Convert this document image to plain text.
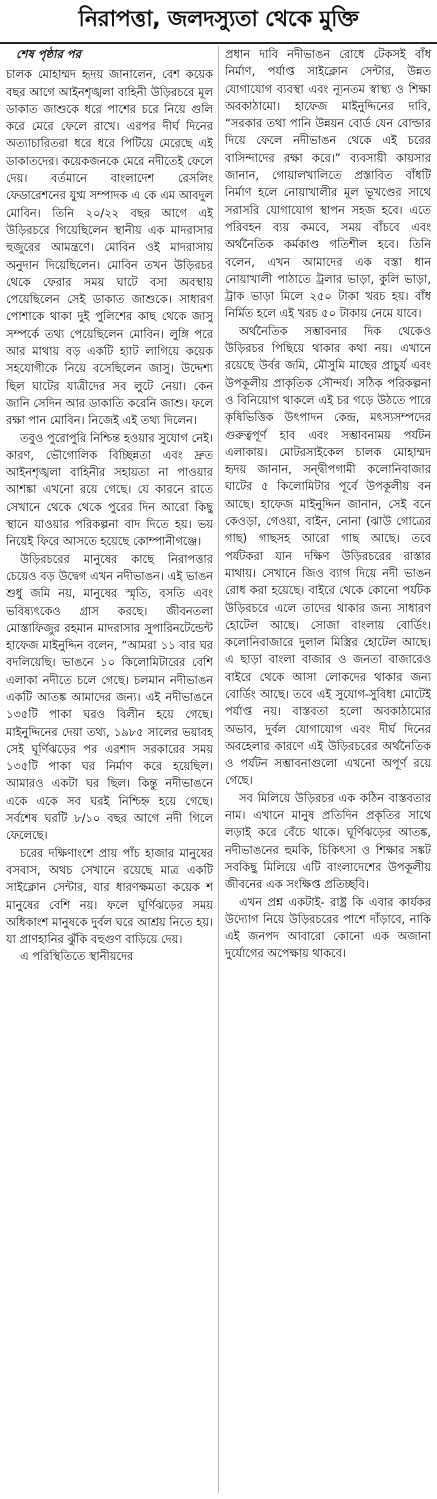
নিরাপত্তা, জলদস্যুতা থেকে মুক্তি

শেষ পৃষ্ঠার পর

চালক মোহাম্মদ হৃদয় জানালেন, বেশ কয়েক বছর আগে আইনশৃঙ্খলা বাহিনী উড়িরচরে মূল ডাকাত জাশুকে ধরে পাশের চরে নিয়ে গুলি করে মেরে ফেলে রাখে। এরপর দীর্ঘ দিনের অত্যাচারিতরা ধরে ধরে পিটিয়ে মেরেছে এই ডাকাতদের। কয়েকজনকে মেরে নদীতেই ফেলে দেয়। বর্তমানে বাংলাদেশ রেসলিং ফেডারেশনের যুগ্ম সম্পাদক এ কে এম আবদুল মোবিন। তিনি ২০/২২ বছর আগে এই উড়িরচরে গিয়েছিলেন স্থানীয় এক মাদরাসার হুজুরের আমন্ত্রণে। মোবিন ওই মাদরাসায় অনুদান দিয়েছিলেন। মোবিন তখন উড়িরচর থেকে ফেরার সময় ঘাটে বসা অবস্থায় পেয়েছিলেন সেই ডাকাত জাশুকে। সাধারণ পোশাকে থাকা দুই পুলিশের কাছ থেকে জাসু সম্পর্কে তথ্য পেয়েছিলেন মোবিন। লুঙ্গি পরে আর মাথায় বড় একটি হ্যাট লাগিয়ে কয়েক সহযোগীকে নিয়ে বসেছিলেন জাসু। উদ্দেশ্য ছিল ঘাটের যাত্রীদের সব লুটে নেয়া। কেন জানি সেদিন আর ডাকাতি করেনি জাশু। ফলে রক্ষা পান মোবিন। নিজেই এই তথ্য দিলেন।

তবুও পুরোপুরি নিশ্চিন্ত হওয়ার সুযোগ নেই। কারণ, ভৌগোলিক বিচ্ছিন্নতা এবং দ্রুত আইনশৃঙ্খলা বাহিনীর সহায়তা না পাওয়ার আশঙ্কা এখনো রয়ে গেছে। যে কারনে রাতে সেখানে থেকে থেকে পুরের দিন আরো কিছু স্থানে যাওয়ার পরিকল্পনা বাদ দিতে হয়। ভয় নিয়েই ফিরে আসতে হয়েছে কোম্পানীগঞ্জে।

উড়িরচরের মানুষের কাছে নিরাপত্তার চেয়েও বড় উদ্বেগ এখন নদীভাঙন। এই ভাঙন শুধু জমি নয়, মানুষের স্মৃতি, বসতি এবং ভবিষ্যৎকেও গ্রাস করছে। জীবনতলা মোস্তাফিজুর রহমান মাদরাসার সুপারিনটেন্ডেন্ট হাফেজ মাইনুদ্দিন বলেন, “আমরা ১১ বার ঘর বদলিয়েছি। ভাঙনে ১০ কিলোমিটারের বেশি এলাকা নদীতে চলে গেছে। চলমান নদীভাঙন একটি আতঙ্ক আমাদের জন্য। এই নদীভাঙনে ১৩৫টি পাকা ঘরও বিলীন হয়ে গেছে। মাইনুদ্দিনের দেয়া তথ্য, ১৯৮৫ সালের ভয়াবহ সেই ঘূর্ণিঝড়ের পর এরশাদ সরকারের সময় ১৩৫টি পাকা ঘর নির্মাণ করে হয়েছিল। আমারও একটা ঘর ছিল। কিন্তু নদীভাঙনে একে একে সব ঘরই নিশ্চিহ্ন হয়ে গেছে। সর্বশেষ ঘরটি ৮/১০ বছর আগে নদী গিলে ফেলেছে।

চরের দক্ষিণাংশে প্রায় পাঁচ হাজার মানুষের বসবাস, অথচ সেখানে রয়েছে মাত্র একটি সাইক্লোন সেন্টার, যার ধারণক্ষমতা কয়েক শ মানুষের বেশি নয়। ফলে ঘূর্ণিঝড়ের সময় অধিকাংশ মানুষকে দুর্বল ঘরে আশ্রয় নিতে হয়। যা প্রাণহানির ঝুঁকি বহুগুণ বাড়িয়ে দেয়।

এ পরিস্থিতিতে স্থানীয়দের

প্রধান দাবি নদীভাঙন রোধে টেকসই বাঁধ নির্মাণ, পর্যাপ্ত সাইক্লোন সেন্টার, উন্নত যোগাযোগ ব্যবস্থা এবং ন্যূনতম স্বাস্থ্য ও শিক্ষা অবকাঠামো। হাফেজ মাইনুদ্দিনের দাবি, “সরকার তথা পানি উন্নয়ন বোর্ড যেন বোল্ডার দিয়ে ফেলে নদীভাঙন থেকে এই চরের বাসিন্দাদের রক্ষা করে।” ব্যবসায়ী কায়সার জানান, গোয়ালখালিতে প্রস্তাবিত বাঁধটি নির্মাণ হলে নোয়াখালীর মূল ভূখণ্ডের সাথে সরাসরি যোগাযোগ স্থাপন সহজ হবে। এতে পরিবহন ব্যয় কমবে, সময় বাঁচবে এবং অর্থনৈতিক কর্মকাণ্ড গতিশীল হবে। তিনি বলেন, এখন আমাদের এক বস্তা ধান নোয়াখালী পাঠাতে ট্রলার ভাড়া, কুলি ভাড়া, ট্রাক ভাড়া মিলে ২৫০ টাকা খরচ হয়। বাঁধ নির্মিত হলে এই খরচ ৫০ টাকায় নেমে যাবে।

অর্থনৈতিক সম্ভাবনার দিক থেকেও উড়িরচর পিছিয়ে থাকার কথা নয়। এখানে রয়েছে উর্বর জমি, মৌসুমি মাছের প্রাচুর্য এবং উপকূলীয় প্রাকৃতিক সৌন্দর্য। সঠিক পরিকল্পনা ও বিনিয়োগ থাকলে এই চর গড়ে উঠতে পারে কৃষিভিত্তিক উৎপাদন কেন্দ্র, মৎস্যসম্পদের গুরুত্বপূর্ণ হাব এবং সম্ভাবনাময় পর্যটন এলাকায়। মোটরসাইকেল চালক মোহাম্মদ হৃদয় জানান, সন্দ্বীপগামী কলোনিবাজার ঘাটের ৫ কিলোমিটার পূর্বে উপকূলীয় বন আছে। হাফেজ মাইনুদ্দিন জানান, সেই বনে কেওড়া, গেওয়া, বাইন, নোনা (ঝাউ গোত্রের গাছ) গাছসহ আরো গাছ আছে। তবে পর্যটকরা যান দক্ষিণ উড়িরচরের রাস্তার মাথায়। সেখানে জিও ব্যাগ দিয়ে নদী ভাঙন রোধ করা হয়েছে। বাইরে থেকে কোনো পর্যটক উড়িরচরে এলে তাদের থাকার জন্য সাধারণ হোটেল আছে। সোজা বাংলায় বোর্ডিং। কলোনিবাজারে দুলাল মিস্ত্রির হোটেল আছে। এ ছাড়া বাংলা বাজার ও জনতা বাজারেও বাইরে থেকে আসা লোকদের থাকার জন্য বোর্ডিং আছে। তবে এই সুযোগ-সুবিধা মোটেই পর্যাপ্ত নয়। বাস্তবতা হলো অবকাঠামোর অভাব, দুর্বল যোগাযোগ এবং দীর্ঘ দিনের অবহেলার কারণে এই উড়িরচরের অর্থনৈতিক ও পর্যটন সম্ভাবনাগুলো এখনো অপূর্ণ রয়ে গেছে।

সব মিলিয়ে উড়িরচর এক কঠিন বাস্তবতার নাম। এখানে মানুষ প্রতিদিন প্রকৃতির সাথে লড়াই করে বেঁচে থাকে। ঘূর্ণিঝড়ের আতঙ্ক, নদীভাঙনের হুমকি, চিকিৎসা ও শিক্ষার সঙ্কট সবকিছু মিলিয়ে এটি বাংলাদেশের উপকূলীয় জীবনের এক সংক্ষিপ্ত প্রতিচ্ছবি।

এখন প্রশ্ন একটাই- রাষ্ট্র কি এবার কার্যকর উদ্যোগ নিয়ে উড়িরচরের পাশে দাঁড়াবে, নাকি এই জনপদ আবারো কোনো এক অজানা দুর্যোগের অপেক্ষায় থাকবে।
